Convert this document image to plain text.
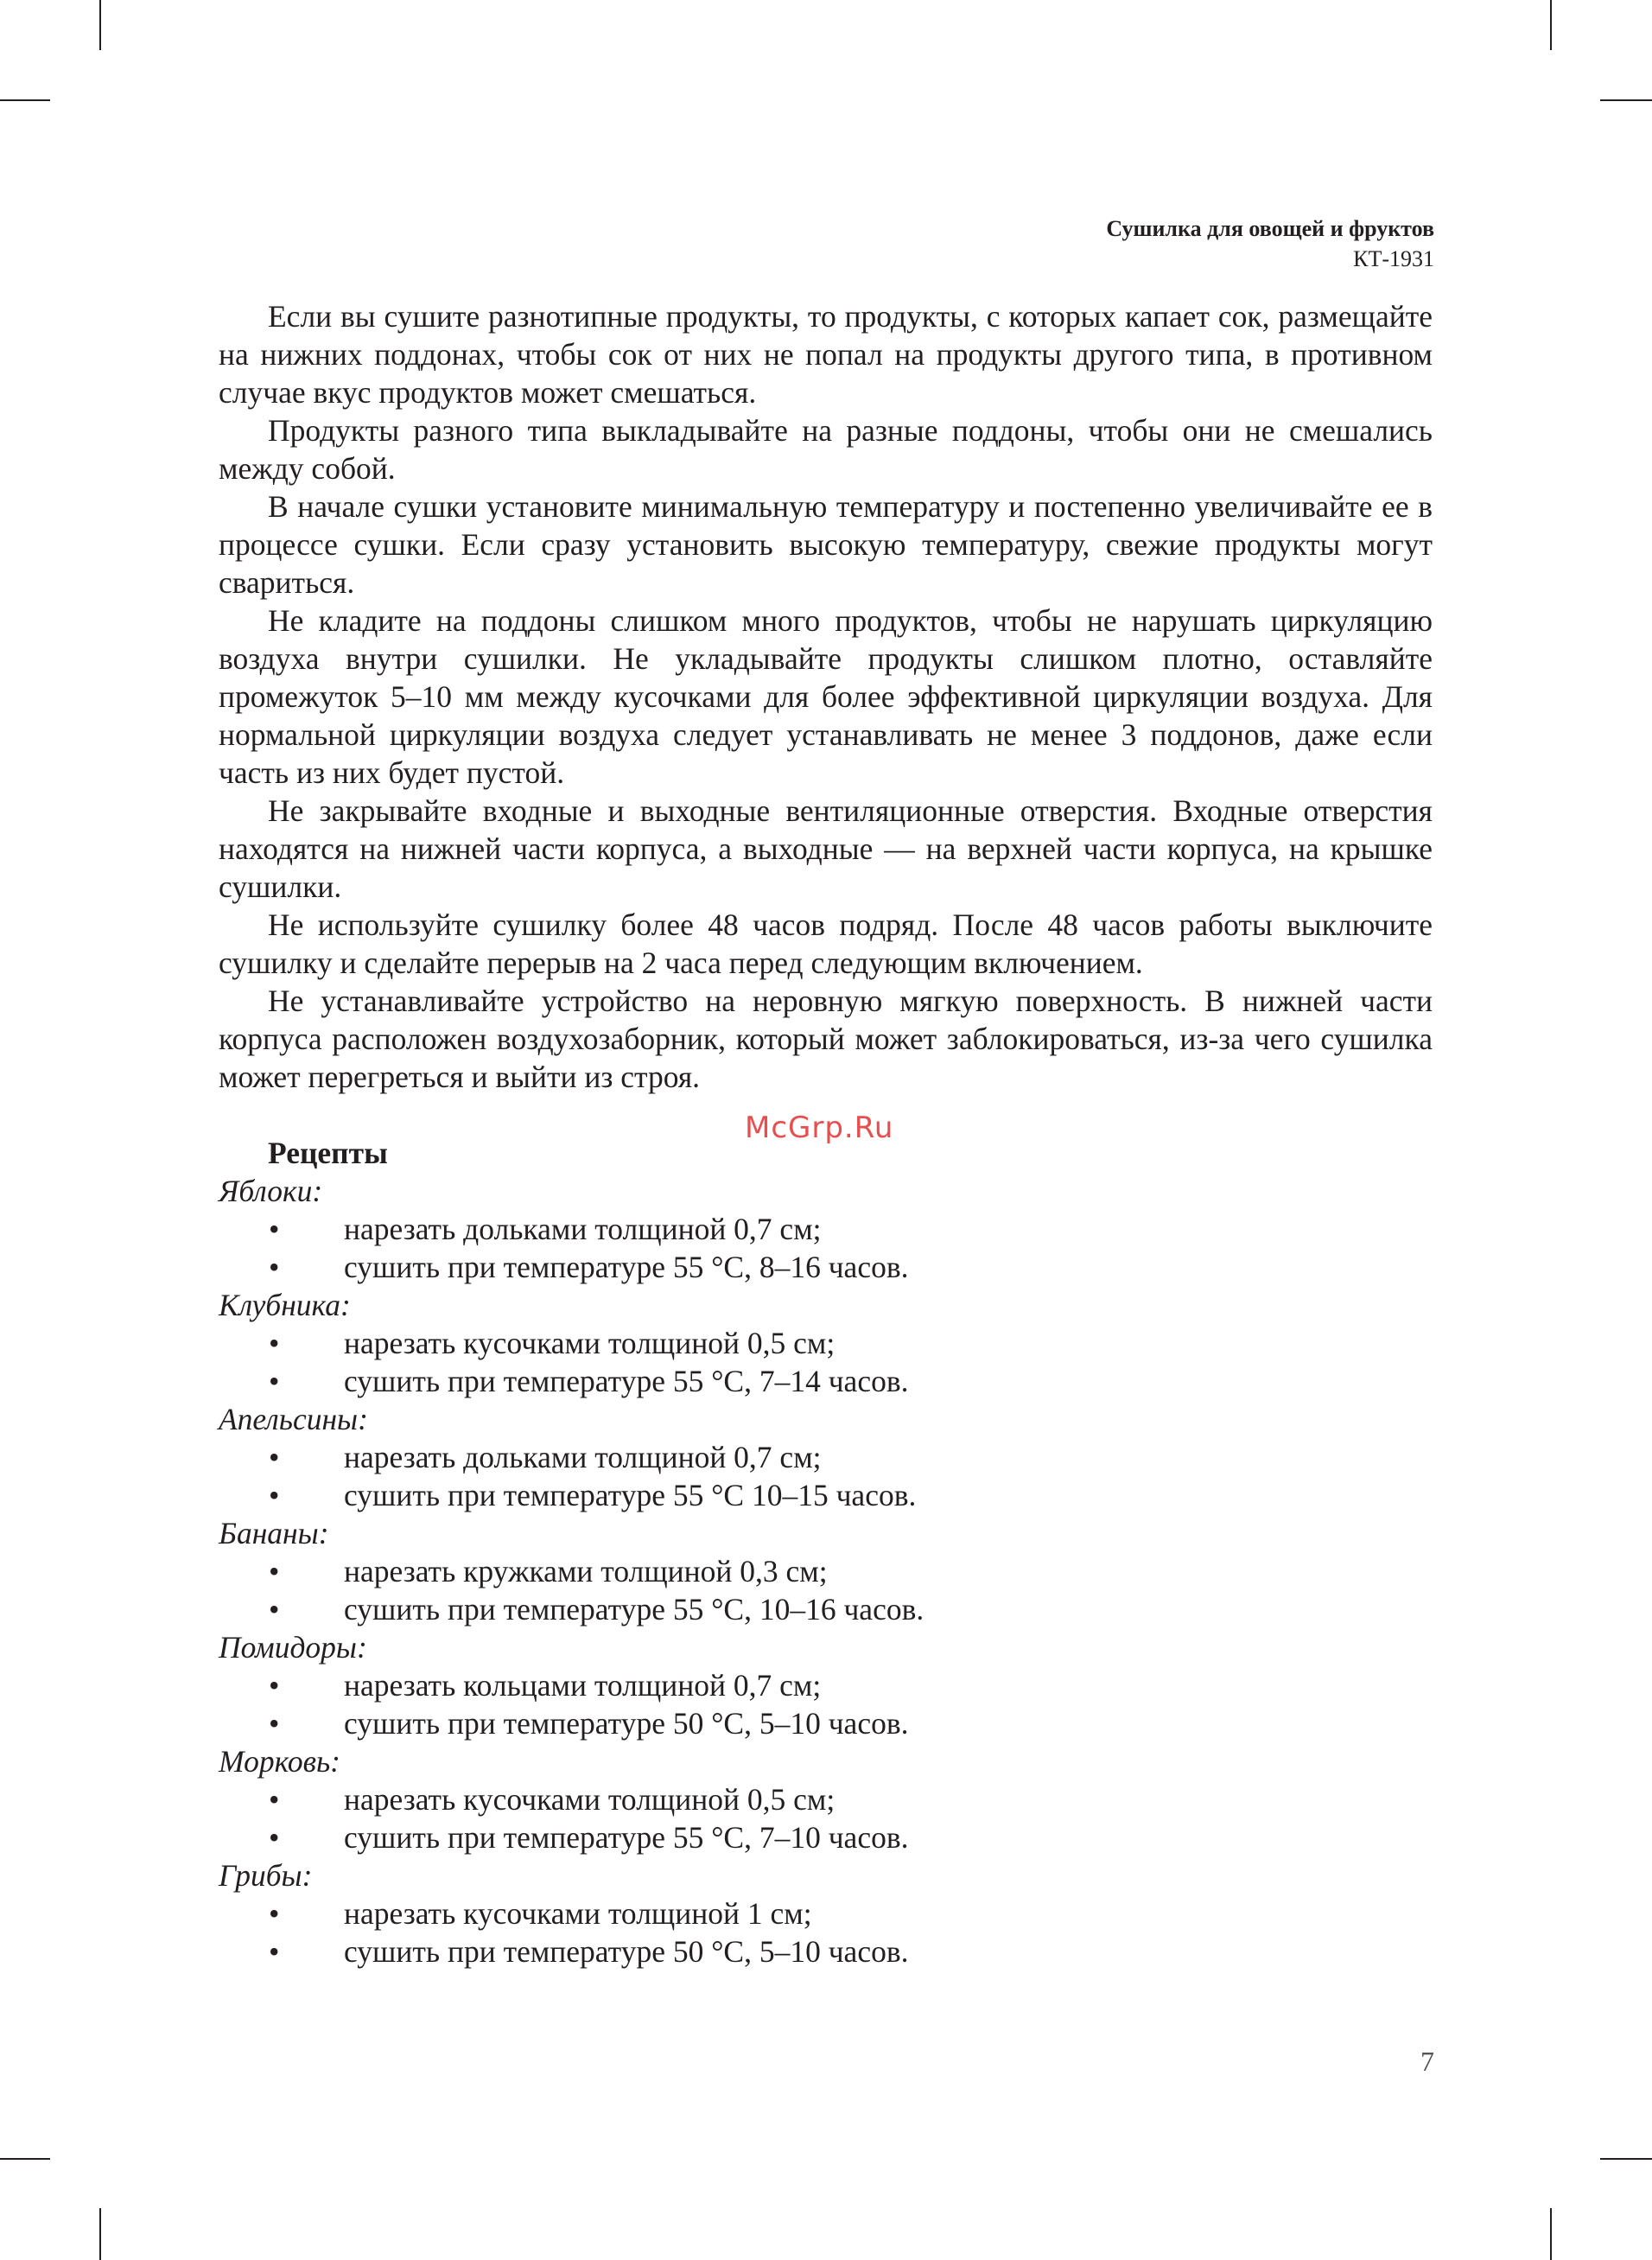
Сушилка для овощей и фруктов
КТ-1931

Если вы сушите разнотипные продукты, то продукты, с которых капает сок, размещайте на нижних поддонах, чтобы сок от них не попал на продукты другого типа, в противном случае вкус продуктов может смешаться.

Продукты разного типа выкладывайте на разные поддоны, чтобы они не смешались между собой.

В начале сушки установите минимальную температуру и постепенно увеличивайте ее в процессе сушки. Если сразу установить высокую температуру, свежие продукты могут свариться.

Не кладите на поддоны слишком много продуктов, чтобы не нарушать циркуляцию воздуха внутри сушилки. Не укладывайте продукты слишком плотно, оставляйте промежуток 5–10 мм между кусочками для более эффективной циркуляции воздуха. Для нормальной циркуляции воздуха следует устанавливать не менее 3 поддонов, даже если часть из них будет пустой.

Не закрывайте входные и выходные вентиляционные отверстия. Входные отверстия находятся на нижней части корпуса, а выходные — на верхней части корпуса, на крышке сушилки.

Не используйте сушилку более 48 часов подряд. После 48 часов работы выключите сушилку и сделайте перерыв на 2 часа перед следующим включением.

Не устанавливайте устройство на неровную мягкую поверхность. В нижней части корпуса расположен воздухозаборник, который может заблокироваться, из-за чего сушилка может перегреться и выйти из строя.

Рецепты

Яблоки:

• нарезать дольками толщиной 0,7 см;

• сушить при температуре 55 °С, 8–16 часов.

Клубника:

• нарезать кусочками толщиной 0,5 см;

• сушить при температуре 55 °С, 7–14 часов.

Апельсины:

• нарезать дольками толщиной 0,7 см;

• сушить при температуре 55 °С 10–15 часов.

Бананы:

• нарезать кружками толщиной 0,3 см;

• сушить при температуре 55 °С, 10–16 часов.

Помидоры:

• нарезать кольцами толщиной 0,7 см;

• сушить при температуре 50 °С, 5–10 часов.

Морковь:

• нарезать кусочками толщиной 0,5 см;

• сушить при температуре 55 °С, 7–10 часов.

Грибы:

• нарезать кусочками толщиной 1 см;

• сушить при температуре 50 °С, 5–10 часов.

McGrp.Ru
7
